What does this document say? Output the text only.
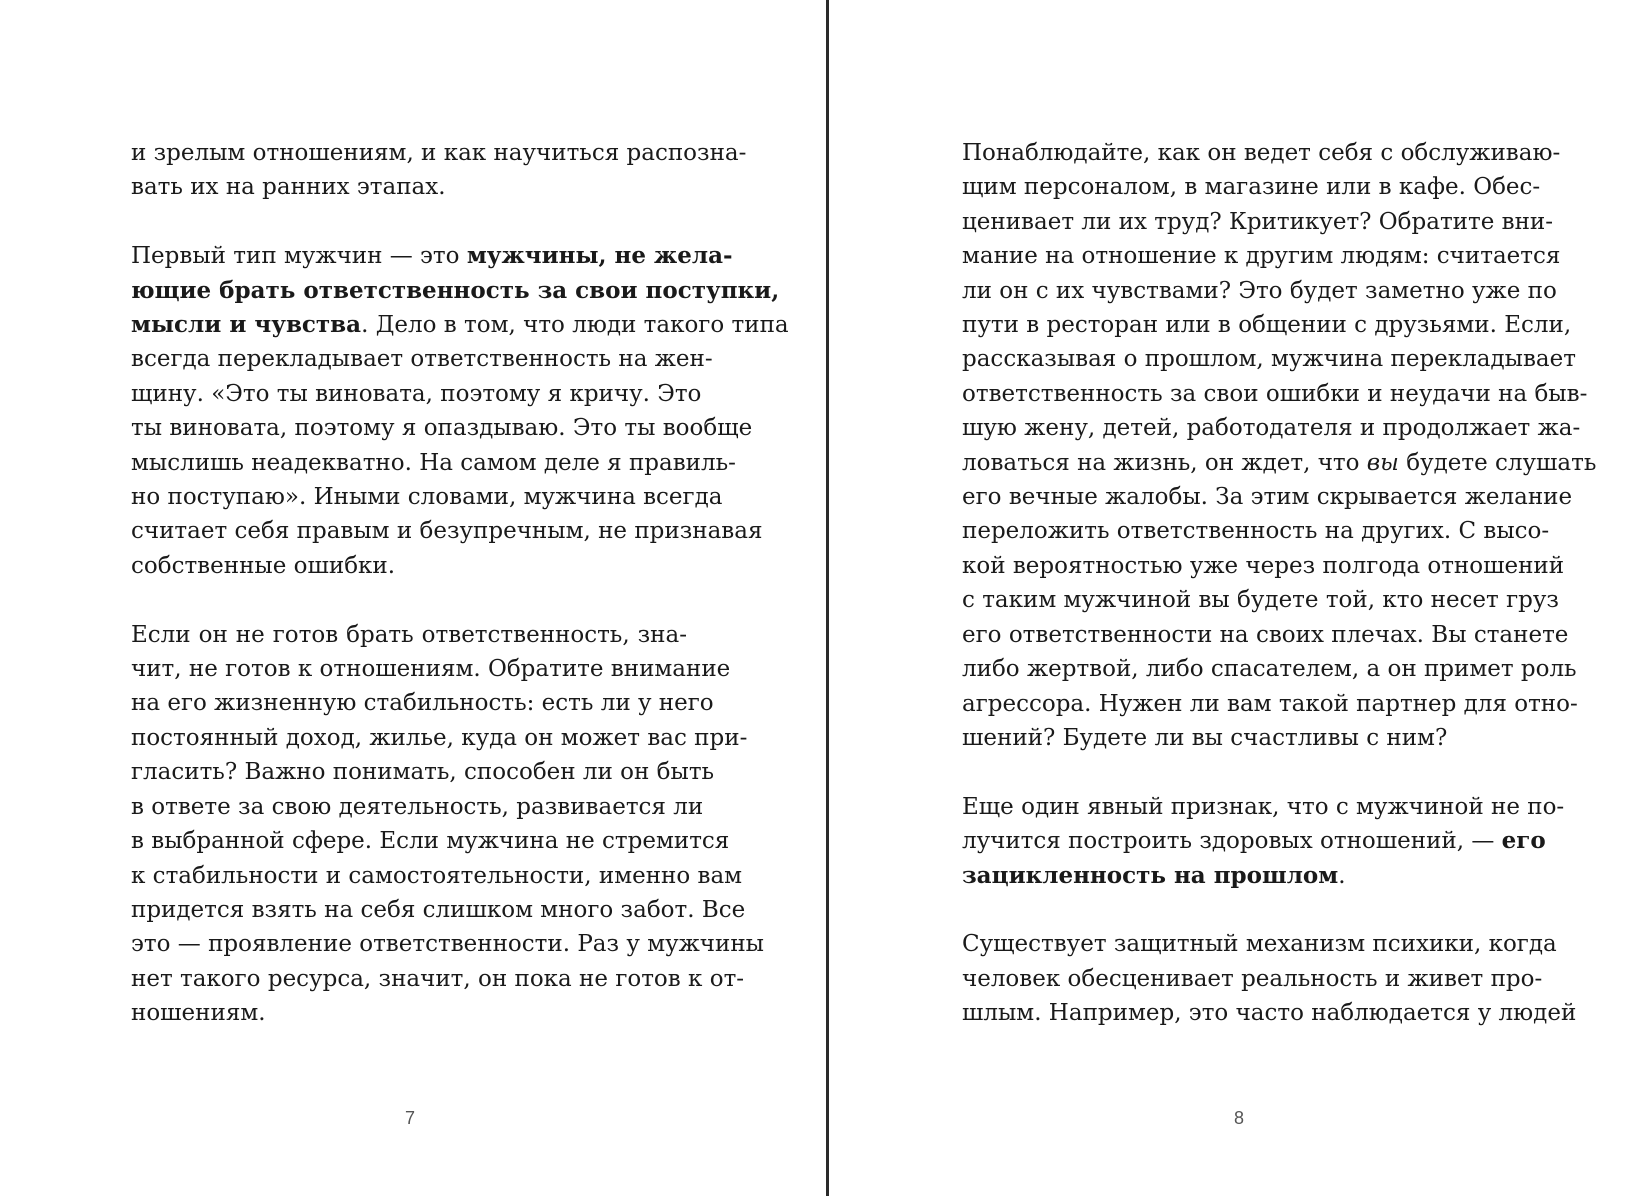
и зрелым отношениям, и как научиться распозна-
вать их на ранних этапах.
Первый тип мужчин — это мужчины, не жела-
ющие брать ответственность за свои поступки,
мысли и чувства. Дело в том, что люди такого типа
всегда перекладывает ответственность на жен-
щину. «Это ты виновата, поэтому я кричу. Это
ты виновата, поэтому я опаздываю. Это ты вообще
мыслишь неадекватно. На самом деле я правиль-
но поступаю». Иными словами, мужчина всегда
считает себя правым и безупречным, не признавая
собственные ошибки.
Если он не готов брать ответственность, зна-
чит, не готов к отношениям. Обратите внимание
на его жизненную стабильность: есть ли у него
постоянный доход, жилье, куда он может вас при-
гласить? Важно понимать, способен ли он быть
в ответе за свою деятельность, развивается ли
в выбранной сфере. Если мужчина не стремится
к стабильности и самостоятельности, именно вам
придется взять на себя слишком много забот. Все
это — проявление ответственности. Раз у мужчины
нет такого ресурса, значит, он пока не готов к от-
ношениям.
7
Понаблюдайте, как он ведет себя с обслуживаю-
щим персоналом, в магазине или в кафе. Обес-
ценивает ли их труд? Критикует? Обратите вни-
мание на отношение к другим людям: считается
ли он с их чувствами? Это будет заметно уже по
пути в ресторан или в общении с друзьями. Если,
рассказывая о прошлом, мужчина перекладывает
ответственность за свои ошибки и неудачи на быв-
шую жену, детей, работодателя и продолжает жа-
ловаться на жизнь, он ждет, что вы будете слушать
его вечные жалобы. За этим скрывается желание
переложить ответственность на других. С высо-
кой вероятностью уже через полгода отношений
с таким мужчиной вы будете той, кто несет груз
его ответственности на своих плечах. Вы станете
либо жертвой, либо спасателем, а он примет роль
агрессора. Нужен ли вам такой партнер для отно-
шений? Будете ли вы счастливы с ним?
Еще один явный признак, что с мужчиной не по-
лучится построить здоровых отношений, — его
зацикленность на прошлом.
Существует защитный механизм психики, когда
человек обесценивает реальность и живет про-
шлым. Например, это часто наблюдается у людей
8
